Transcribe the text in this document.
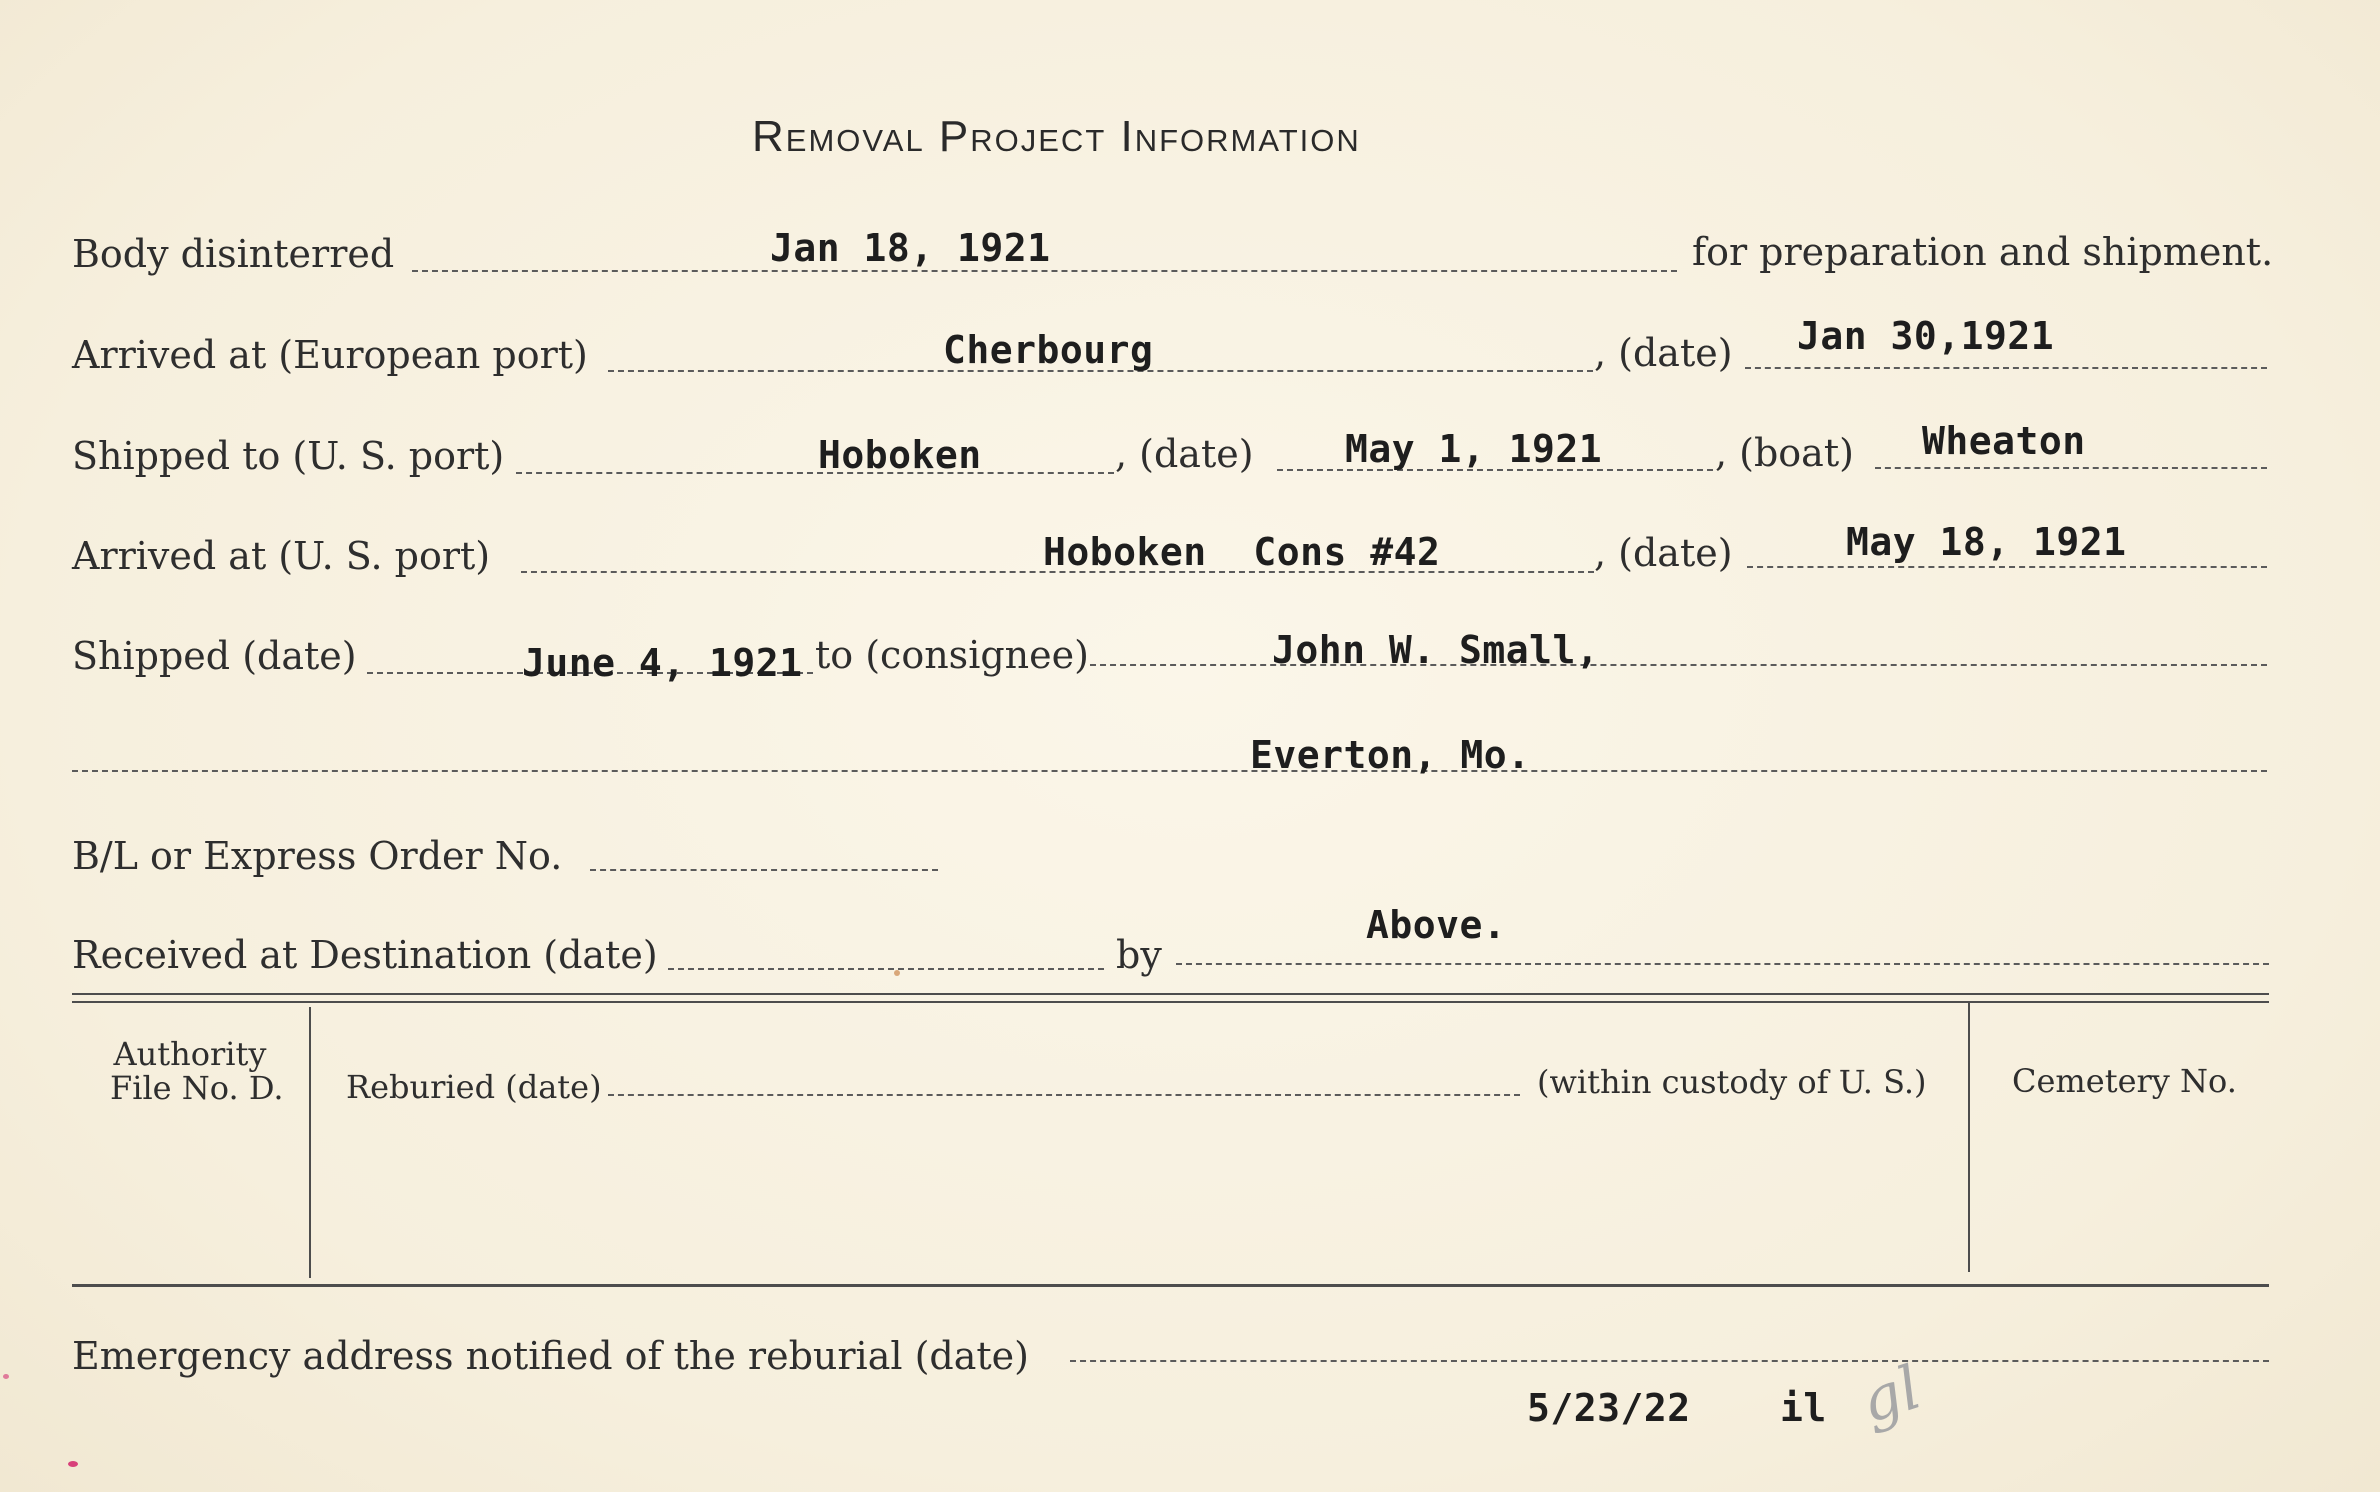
Removal Project Information
Body disinterred	Jan 18, 1921	for preparation and shipment.
Arrived at (European port)	Cherbourg	, (date) Jan 30,1921
Shipped to (U. S. port)	Hoboken	, (date) May 1, 1921	, (boat) Wheaton
Arrived at (U. S. port)	Hoboken  Cons #42	, (date)	May 18, 1921
Shipped (date)	June 4, 1921 to (consignee)	John W. Small,
Everton, Mo.
B/L or Express Order No.
Received at Destination (date)	by
Above.
Authority
File No. D. Reburied (date)	(within custody of U. S.)	Cemetery No.
Emergency address notified of the reburial (date)
5/23/22 il gl
